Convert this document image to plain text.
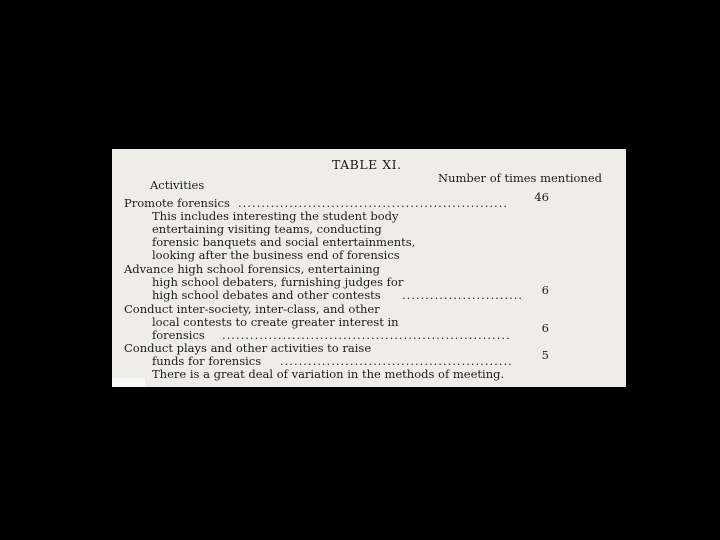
TABLE XI.
Activities	Number of times mentioned
Promote forensics ..........................................................	46
This includes interesting the student body
entertaining visiting teams, conducting
forensic banquets and social entertainments,
looking after the business end of forensics
Advance high school forensics, entertaining
high school debaters, furnishing judges for
high school debates and other contests ..........................	6
Conduct inter-society, inter-class, and other
local contests to create greater interest in
forensics ..............................................................	6
Conduct plays and other activities to raise
funds for forensics ..................................................	5
There is a great deal of variation in the methods of meeting.
